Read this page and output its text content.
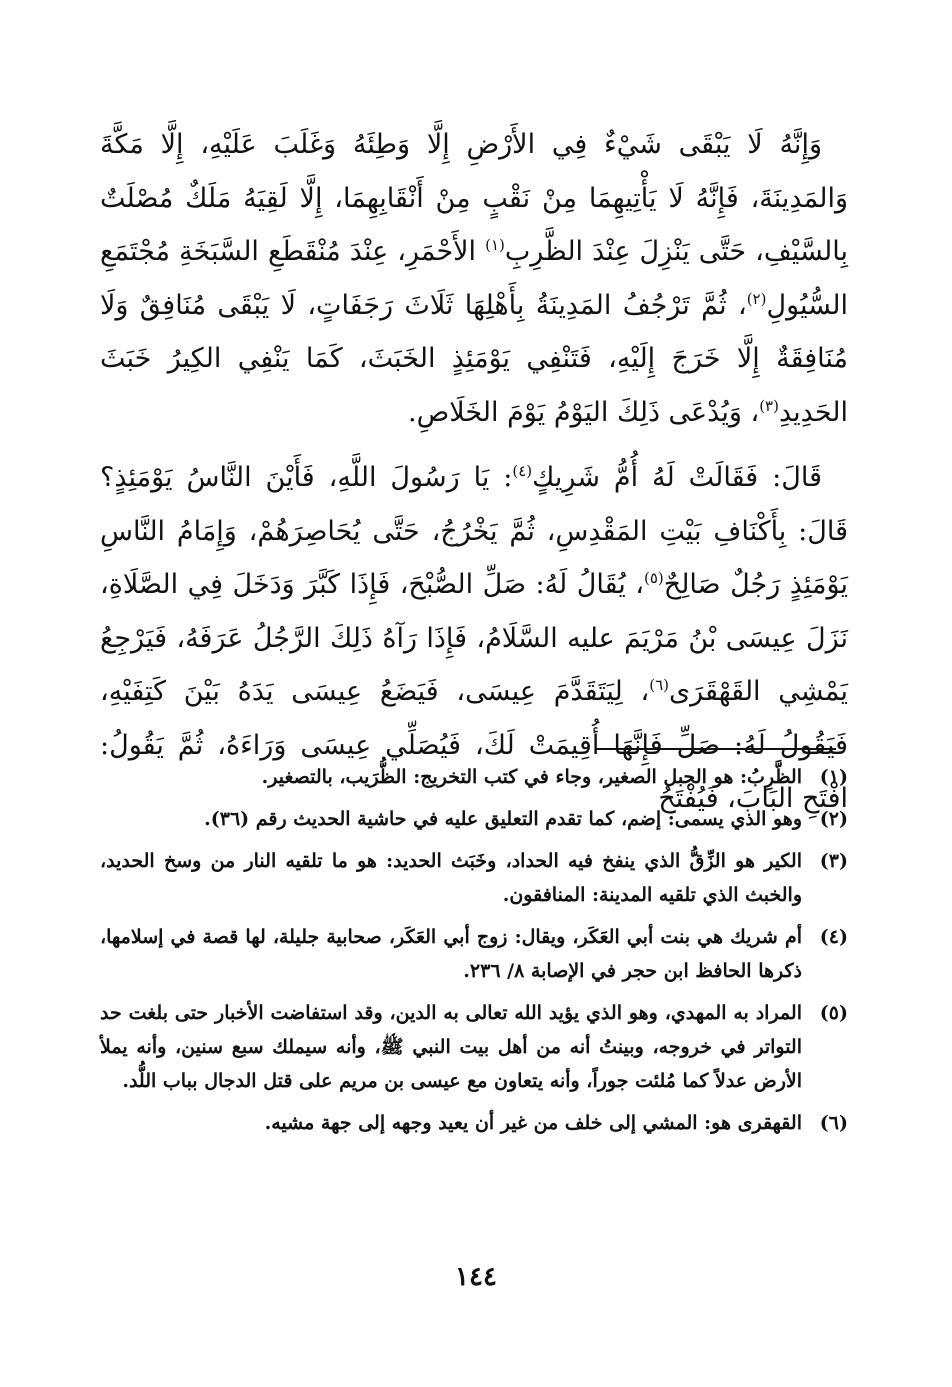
وَإِنَّهُ لَا يَبْقَى شَيْءٌ فِي الأَرْضِ إِلَّا وَطِئَهُ وَغَلَبَ عَلَيْهِ، إِلَّا مَكَّةَ وَالمَدِينَةَ، فَإِنَّهُ لَا يَأْتِيهِمَا مِنْ نَقْبٍ مِنْ أَنْقَابِهِمَا، إِلَّا لَقِيَهُ مَلَكٌ مُصْلَتٌ بِالسَّيْفِ، حَتَّى يَنْزِلَ عِنْدَ الظَّرِبِ$^{(١)}$ الأَحْمَرِ، عِنْدَ مُنْقَطَعِ السَّبَخَةِ مُجْتَمَعِ السُّيُولِ$^{(٢)}$، ثُمَّ تَرْجُفُ المَدِينَةُ بِأَهْلِهَا ثَلَاثَ رَجَفَاتٍ، لَا يَبْقَى مُنَافِقٌ وَلَا مُنَافِقَةٌ إِلَّا خَرَجَ إِلَيْهِ، فَتَنْفِي يَوْمَئِذٍ الخَبَثَ، كَمَا يَنْفِي الكِيرُ خَبَثَ الحَدِيدِ$^{(٣)}$، وَيُدْعَى ذَلِكَ اليَوْمُ يَوْمَ الخَلَاصِ.

قَالَ: فَقَالَتْ لَهُ أُمُّ شَرِيكٍ$^{(٤)}$: يَا رَسُولَ اللَّهِ، فَأَيْنَ النَّاسُ يَوْمَئِذٍ؟ قَالَ: بِأَكْنَافِ بَيْتِ المَقْدِسِ، ثُمَّ يَخْرُجُ، حَتَّى يُحَاصِرَهُمْ، وَإِمَامُ النَّاسِ يَوْمَئِذٍ رَجُلٌ صَالِحٌ$^{(٥)}$، يُقَالُ لَهُ: صَلِّ الصُّبْحَ، فَإِذَا كَبَّرَ وَدَخَلَ فِي الصَّلَاةِ، نَزَلَ عِيسَى بْنُ مَرْيَمَ عليه السَّلَامُ، فَإِذَا رَآهُ ذَلِكَ الرَّجُلُ عَرَفَهُ، فَيَرْجِعُ يَمْشِي القَهْقَرَى$^{(٦)}$، لِيَتَقَدَّمَ عِيسَى، فَيَضَعُ عِيسَى يَدَهُ بَيْنَ كَتِفَيْهِ، فَيَقُولُ لَهُ: صَلِّ فَإِنَّهَا أُقِيمَتْ لَكَ، فَيُصَلِّي عِيسَى وَرَاءَهُ، ثُمَّ يَقُولُ: افْتَحِ البَابَ، فَيُفْتَحُ

(١)
الظَّرِبُ: هو الجبل الصغير، وجاء في كتب التخريج: الظُّرَيب، بالتصغير.
(٢)
وهو الذي يسمى: إضم، كما تقدم التعليق عليه في حاشية الحديث رقم (٣٦).
(٣)
الكير هو الزِّقُّ الذي ينفخ فيه الحداد، وخَبَث الحديد: هو ما تلقيه النار من وسخ الحديد، والخبث الذي تلقيه المدينة: المنافقون.
(٤)
أم شريك هي بنت أبي العَكَر، ويقال: زوج أبي العَكَر، صحابية جليلة، لها قصة في إسلامها، ذكرها الحافظ ابن حجر في الإصابة ٨/ ٢٣٦.
(٥)
المراد به المهدي، وهو الذي يؤيد الله تعالى به الدين، وقد استفاضت الأخبار حتى بلغت حد التواتر في خروجه، وبينتُ أنه من أهل بيت النبي ﷺ، وأنه سيملك سبع سنين، وأنه يملأ الأرض عدلاً كما مُلئت جوراً، وأنه يتعاون مع عيسى بن مريم على قتل الدجال بباب اللُّد.
(٦)
القهقرى هو: المشي إلى خلف من غير أن يعيد وجهه إلى جهة مشيه.
١٤٤
